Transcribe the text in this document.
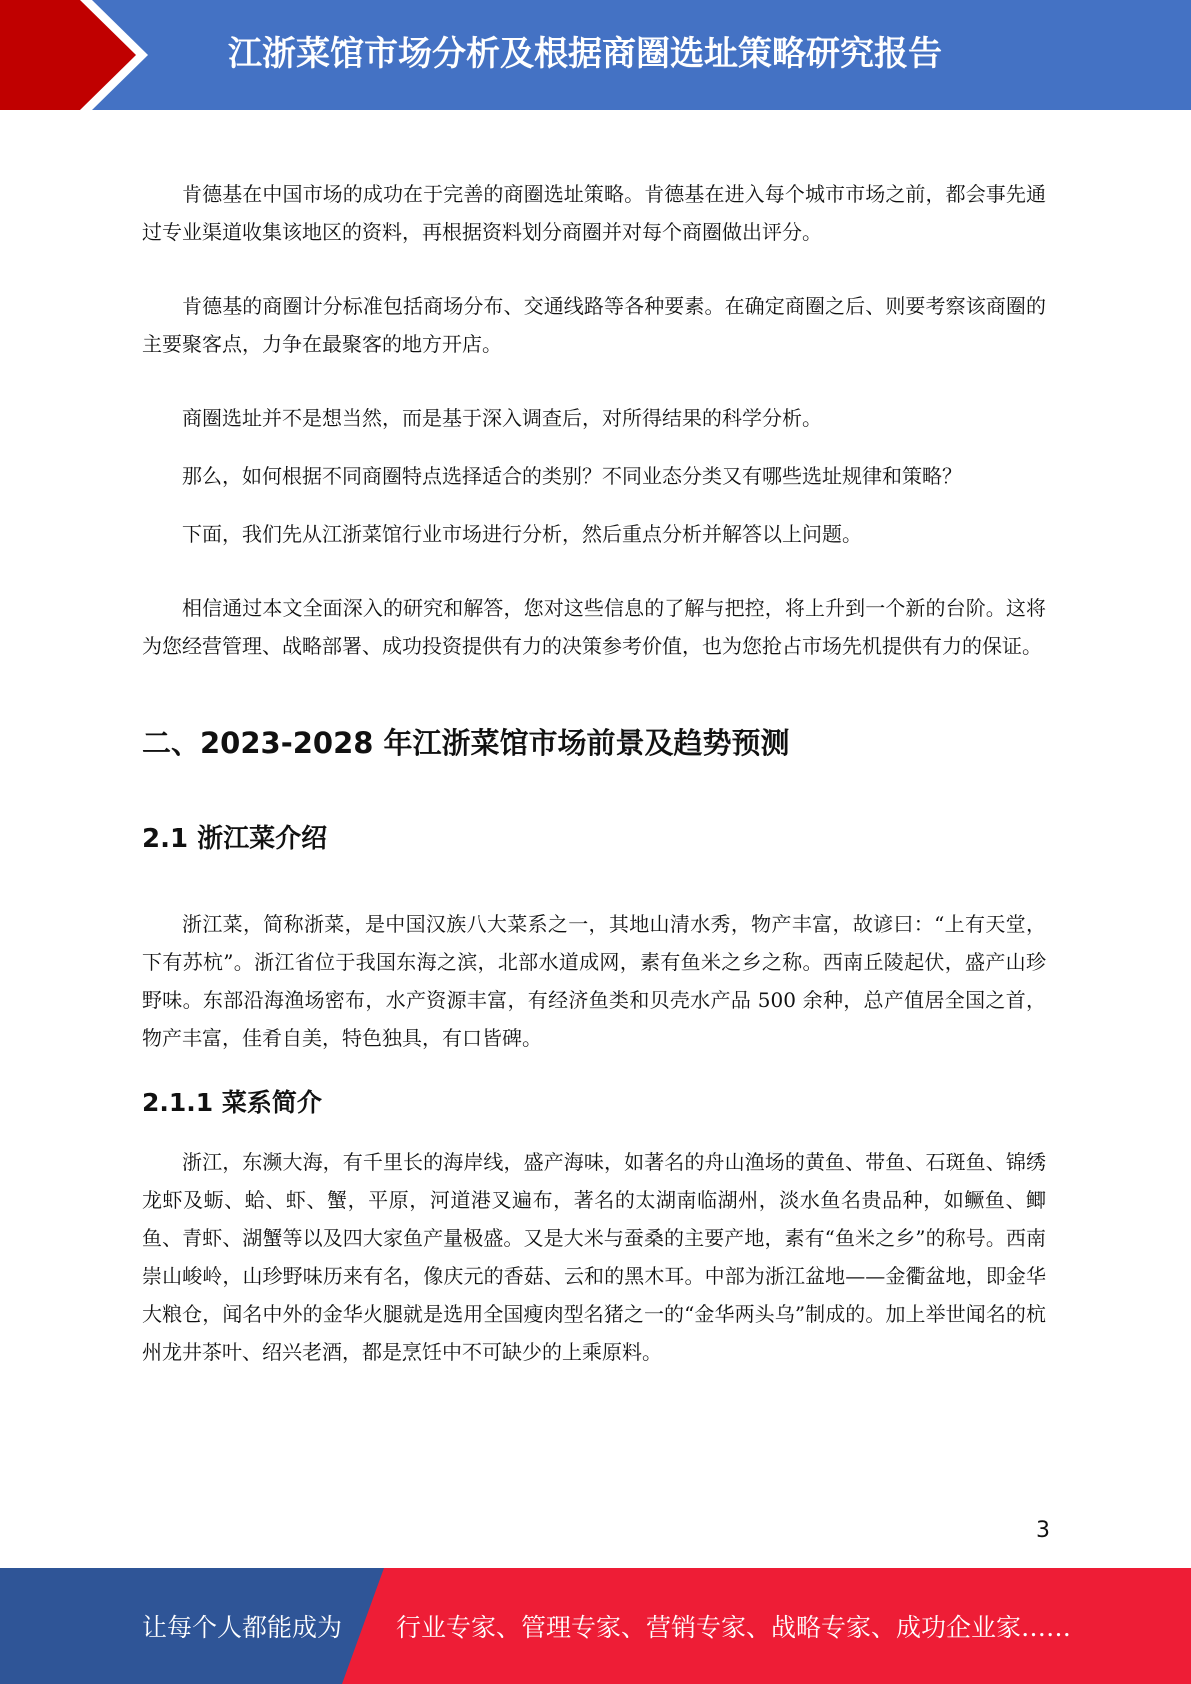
江浙菜馆市场分析及根据商圈选址策略研究报告

肯德基在中国市场的成功在于完善的商圈选址策略。肯德基在进入每个城市市场之前，都会事先通过专业渠道收集该地区的资料，再根据资料划分商圈并对每个商圈做出评分。

肯德基的商圈计分标准包括商场分布、交通线路等各种要素。在确定商圈之后、则要考察该商圈的主要聚客点，力争在最聚客的地方开店。

商圈选址并不是想当然，而是基于深入调查后，对所得结果的科学分析。

那么，如何根据不同商圈特点选择适合的类别？不同业态分类又有哪些选址规律和策略？

下面，我们先从江浙菜馆行业市场进行分析，然后重点分析并解答以上问题。

相信通过本文全面深入的研究和解答，您对这些信息的了解与把控，将上升到一个新的台阶。这将为您经营管理、战略部署、成功投资提供有力的决策参考价值，也为您抢占市场先机提供有力的保证。

二、2023-2028 年江浙菜馆市场前景及趋势预测
2.1 浙江菜介绍

浙江菜，简称浙菜，是中国汉族八大菜系之一，其地山清水秀，物产丰富，故谚曰：“上有天堂，下有苏杭”。浙江省位于我国东海之滨，北部水道成网，素有鱼米之乡之称。西南丘陵起伏，盛产山珍野味。东部沿海渔场密布，水产资源丰富，有经济鱼类和贝壳水产品 500 余种，总产值居全国之首，物产丰富，佳肴自美，特色独具，有口皆碑。

2.1.1 菜系简介

浙江，东濒大海，有千里长的海岸线，盛产海味，如著名的舟山渔场的黄鱼、带鱼、石斑鱼、锦绣龙虾及蛎、蛤、虾、蟹，平原，河道港叉遍布，著名的太湖南临湖州，淡水鱼名贵品种，如鳜鱼、鲫鱼、青虾、湖蟹等以及四大家鱼产量极盛。又是大米与蚕桑的主要产地，素有“鱼米之乡”的称号。西南崇山峻岭，山珍野味历来有名，像庆元的香菇、云和的黑木耳。中部为浙江盆地——金衢盆地，即金华大粮仓，闻名中外的金华火腿就是选用全国瘦肉型名猪之一的“金华两头乌”制成的。加上举世闻名的杭州龙井茶叶、绍兴老酒，都是烹饪中不可缺少的上乘原料。

3
让每个人都能成为 行业专家、管理专家、营销专家、战略专家、成功企业家……
